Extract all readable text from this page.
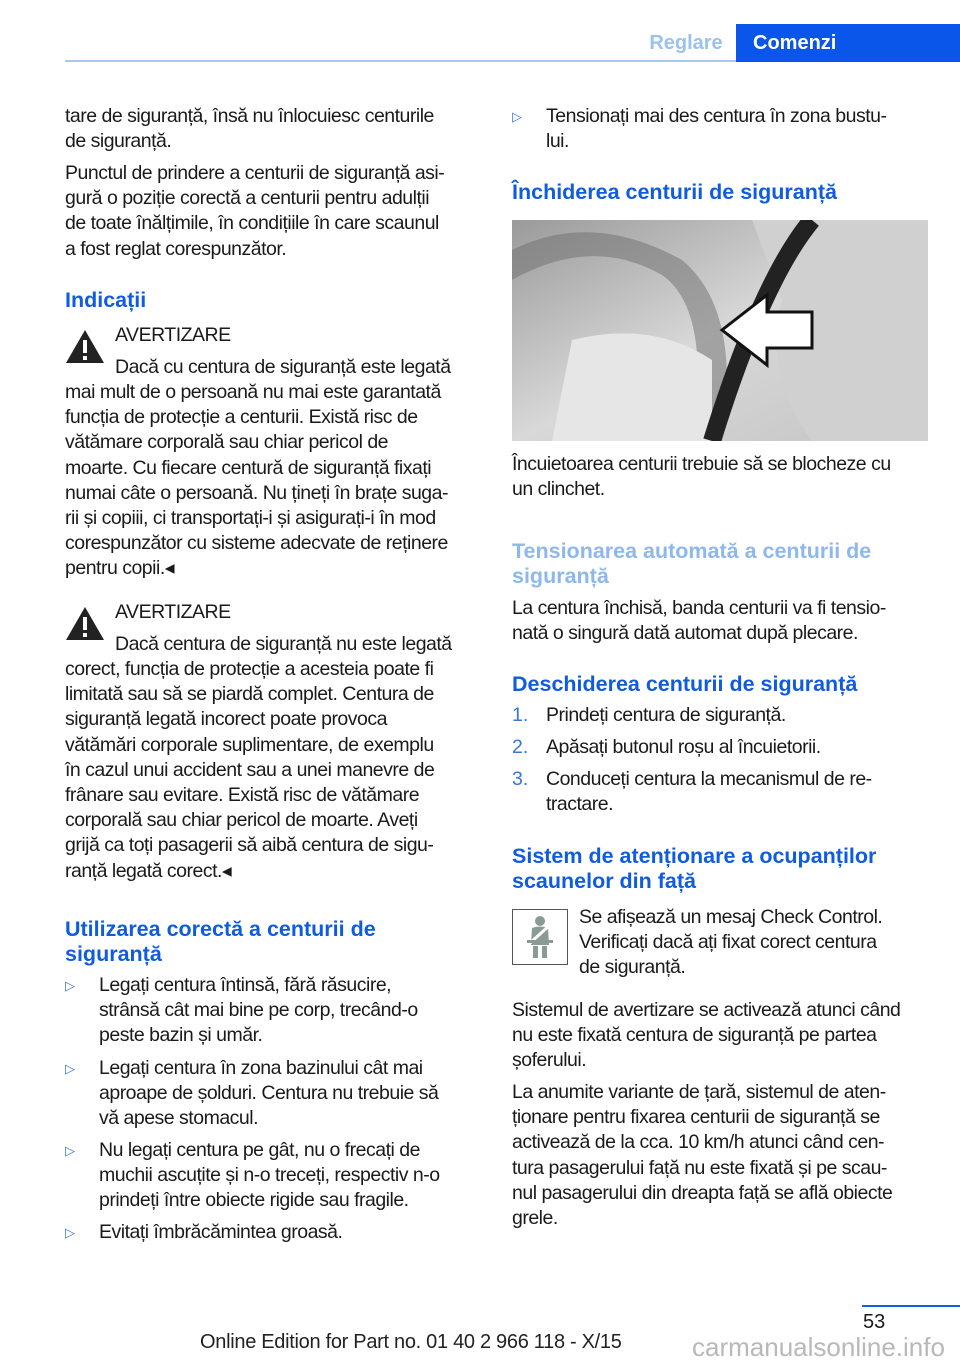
Reglare	Comenzi
tare de siguranță, însă nu înlocuiesc centurile
de siguranță.
Punctul de prindere a centurii de siguranță asi-
gură o poziție corectă a centurii pentru adulții
de toate înălțimile, în condițiile în care scaunul
a fost reglat corespunzător.
Indicații
AVERTIZARE
Dacă cu centura de siguranță este legată
mai mult de o persoană nu mai este garantată
funcția de protecție a centurii. Există risc de
vătămare corporală sau chiar pericol de
moarte. Cu fiecare centură de siguranță fixați
numai câte o persoană. Nu țineți în brațe suga-
rii și copiii, ci transportați-i și asigurați-i în mod
corespunzător cu sisteme adecvate de reținere
pentru copii.◂
AVERTIZARE
Dacă centura de siguranță nu este legată
corect, funcția de protecție a acesteia poate fi
limitată sau să se piardă complet. Centura de
siguranță legată incorect poate provoca
vătămări corporale suplimentare, de exemplu
în cazul unui accident sau a unei manevre de
frânare sau evitare. Există risc de vătămare
corporală sau chiar pericol de moarte. Aveți
grijă ca toți pasagerii să aibă centura de sigu-
ranță legată corect.◂
Utilizarea corectă a centurii de
siguranță
▷ Legați centura întinsă, fără răsucire,
strânsă cât mai bine pe corp, trecând-o
peste bazin și umăr.
▷ Legați centura în zona bazinului cât mai
aproape de șolduri. Centura nu trebuie să
vă apese stomacul.
▷ Nu legați centura pe gât, nu o frecați de
muchii ascuțite și n-o treceți, respectiv n-o
prindeți între obiecte rigide sau fragile.
▷ Evitați îmbrăcămintea groasă.
▷ Tensionați mai des centura în zona bustu-
lui.
Închiderea centurii de siguranță
Încuietoarea centurii trebuie să se blocheze cu
un clinchet.
Tensionarea automată a centurii de
siguranță
La centura închisă, banda centurii va fi tensio-
nată o singură dată automat după plecare.
Deschiderea centurii de siguranță
1. Prindeți centura de siguranță.
2. Apăsați butonul roșu al încuietorii.
3. Conduceți centura la mecanismul de re-
tractare.
Sistem de atenționare a ocupanților
scaunelor din față
Se afișează un mesaj Check Control.
Verificați dacă ați fixat corect centura
de siguranță.
Sistemul de avertizare se activează atunci când
nu este fixată centura de siguranță pe partea
șoferului.
La anumite variante de țară, sistemul de aten-
ționare pentru fixarea centurii de siguranță se
activează de la cca. 10 km/h atunci când cen-
tura pasagerului față nu este fixată și pe scau-
nul pasagerului din dreapta față se află obiecte
grele.
53
Online Edition for Part no. 01 40 2 966 118 - X/15	carmanualsonline.info
